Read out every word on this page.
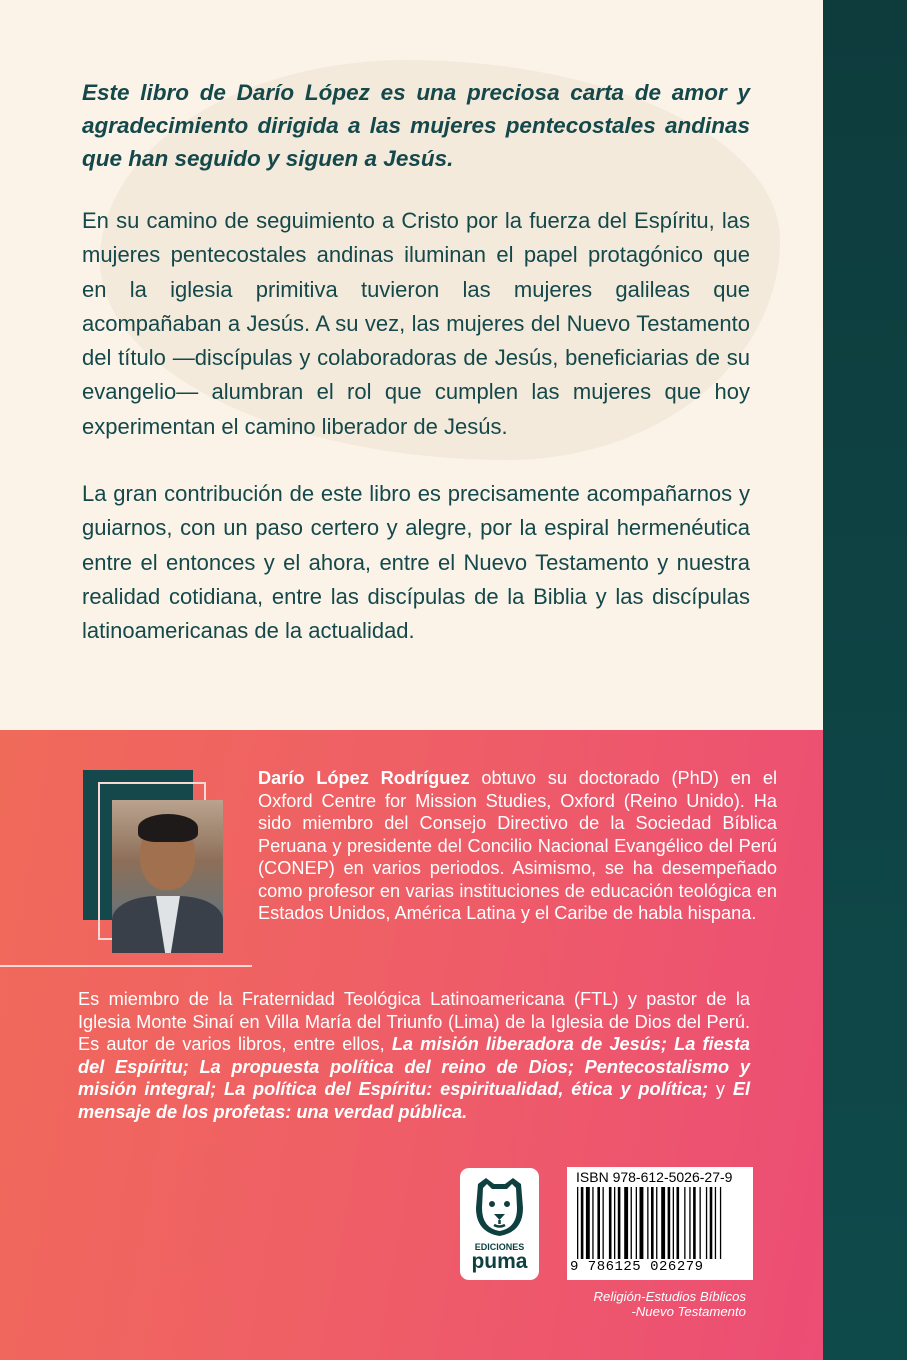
Este libro de Darío López es una preciosa carta de amor y agradecimiento dirigida a las mujeres pentecostales andinas que han seguido y siguen a Jesús.

En su camino de seguimiento a Cristo por la fuerza del Espíritu, las mujeres pentecostales andinas iluminan el papel protagónico que en la iglesia primitiva tuvieron las mujeres galileas que acompañaban a Jesús. A su vez, las mujeres del Nuevo Testamento del título —discípulas y colaboradoras de Jesús, beneficiarias de su evangelio— alumbran el rol que cumplen las mujeres que hoy experimentan el camino liberador de Jesús.

La gran contribución de este libro es precisamente acompañarnos y guiarnos, con un paso certero y alegre, por la espiral hermenéutica entre el entonces y el ahora, entre el Nuevo Testamento y nuestra realidad cotidiana, entre las discípulas de la Biblia y las discípulas latinoamericanas de la actualidad.

Darío López Rodríguez obtuvo su doctorado (PhD) en el Oxford Centre for Mission Studies, Oxford (Reino Unido). Ha sido miembro del Consejo Directivo de la Sociedad Bíblica Peruana y presidente del Concilio Nacional Evangélico del Perú (CONEP) en varios periodos. Asimismo, se ha desempeñado como profesor en varias instituciones de educación teológica en Estados Unidos, América Latina y el Caribe de habla hispana.

Es miembro de la Fraternidad Teológica Latinoamericana (FTL) y pastor de la Iglesia Monte Sinaí en Villa María del Triunfo (Lima) de la Iglesia de Dios del Perú. Es autor de varios libros, entre ellos, La misión liberadora de Jesús; La fiesta del Espíritu; La propuesta política del reino de Dios; Pentecostalismo y misión integral; La política del Espíritu: espiritualidad, ética y política; y El mensaje de los profetas: una verdad pública.

EDICIONES
puma
ISBN 978-612-5026-27-9
9 786125 026279

Religión-Estudios Bíblicos
-Nuevo Testamento
